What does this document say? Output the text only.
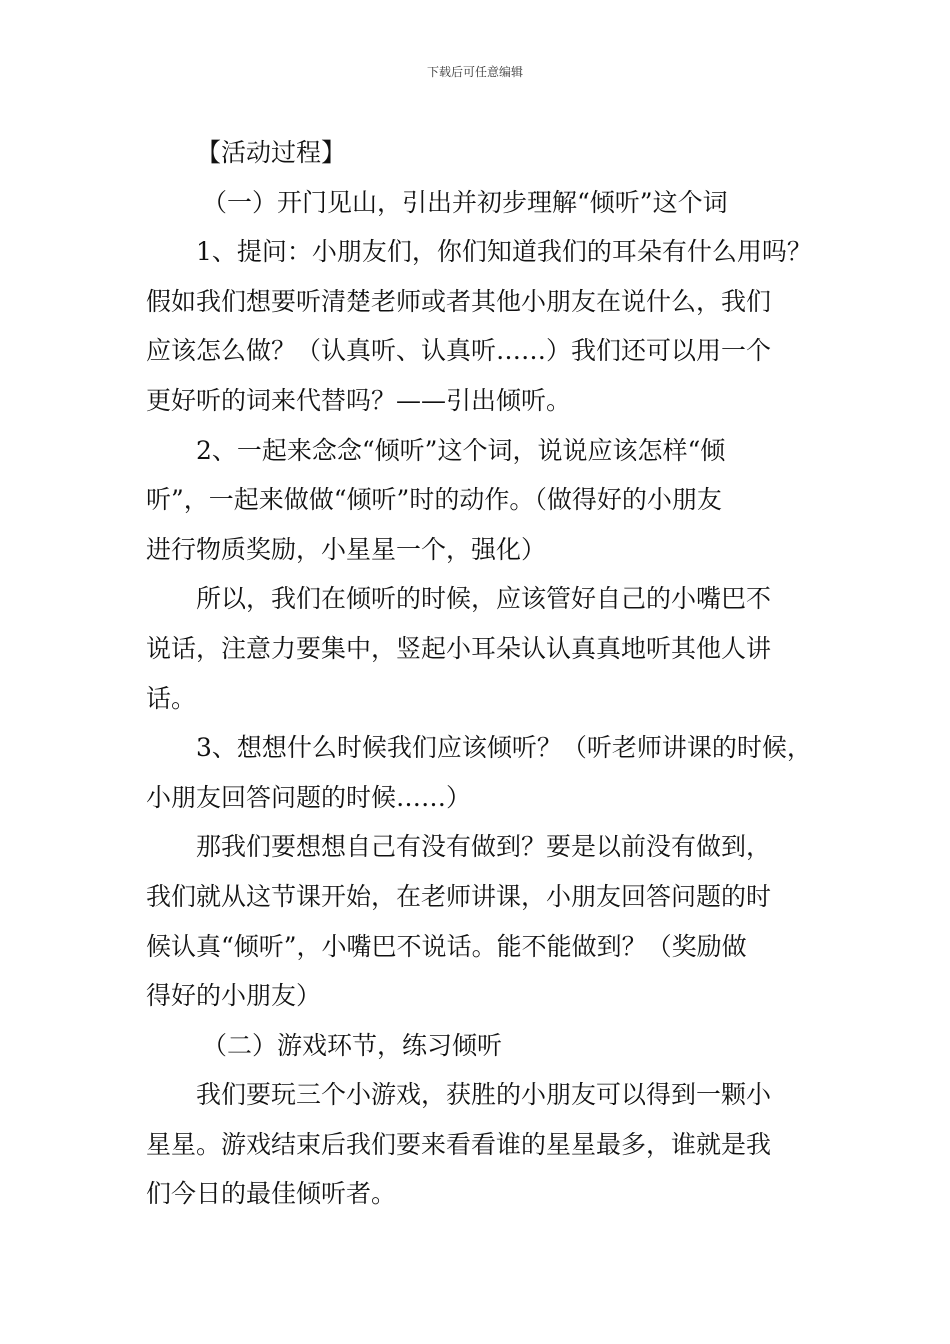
下载后可任意编辑

【活动过程】

（一）开门见山，引出并初步理解“倾听”这个词

1、提问：小朋友们，你们知道我们的耳朵有什么用吗？

假如我们想要听清楚老师或者其他小朋友在说什么，我们

应该怎么做？（认真听、认真听……）我们还可以用一个

更好听的词来代替吗？——引出倾听。

2、一起来念念“倾听”这个词，说说应该怎样“倾

听”，一起来做做“倾听”时的动作。（做得好的小朋友

进行物质奖励，小星星一个，强化）

所以，我们在倾听的时候，应该管好自己的小嘴巴不

说话，注意力要集中，竖起小耳朵认认真真地听其他人讲

话。

3、想想什么时候我们应该倾听？（听老师讲课的时候，

小朋友回答问题的时候……）

那我们要想想自己有没有做到？要是以前没有做到，

我们就从这节课开始，在老师讲课，小朋友回答问题的时

候认真“倾听”，小嘴巴不说话。能不能做到？（奖励做

得好的小朋友）

（二）游戏环节，练习倾听

我们要玩三个小游戏，获胜的小朋友可以得到一颗小

星星。游戏结束后我们要来看看谁的星星最多，谁就是我

们今日的最佳倾听者。
